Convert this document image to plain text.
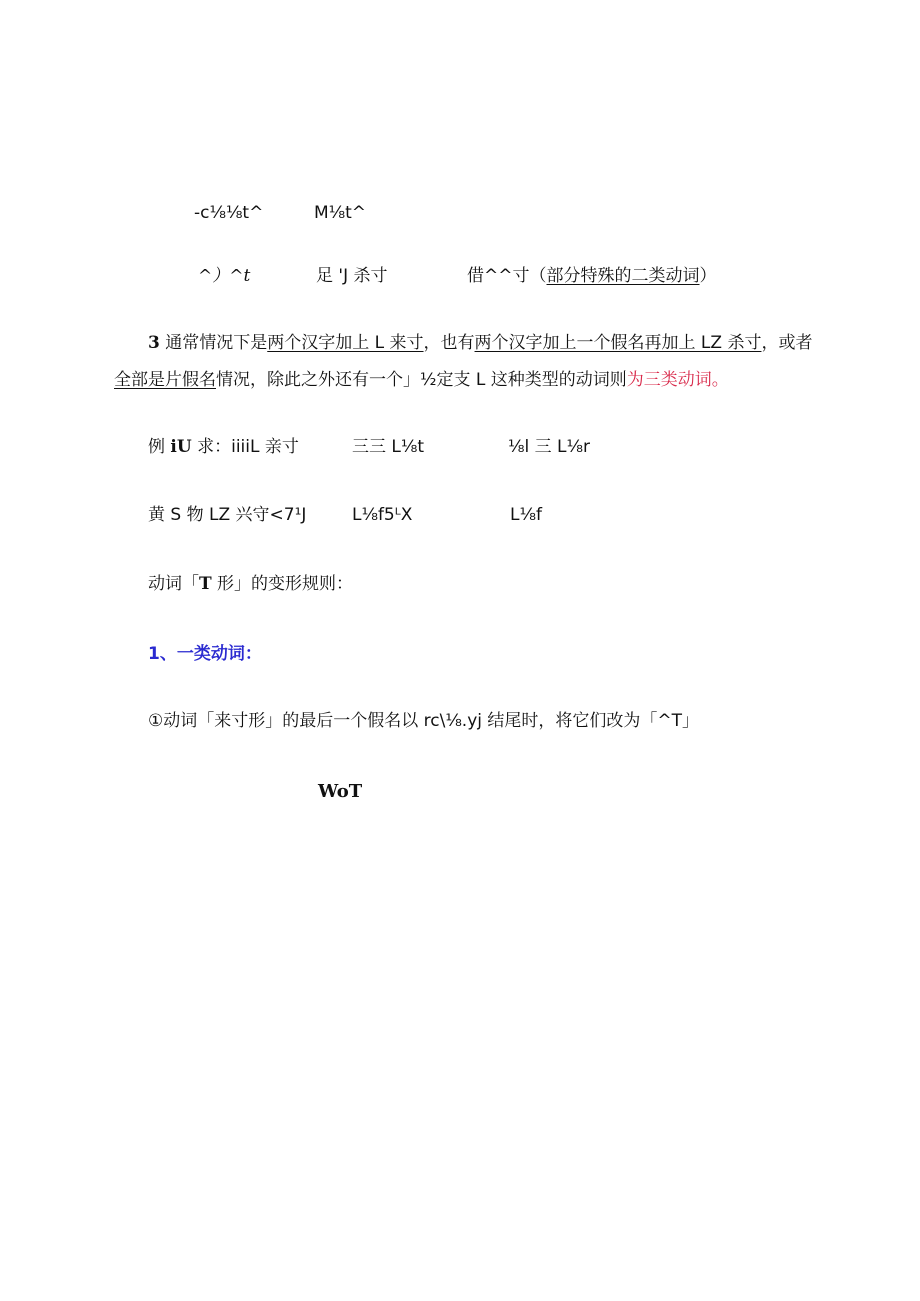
-c⅛⅛t^	M⅛t^
^）^t	足 'J 杀寸	借^^寸（部分特殊的二类动词）
3 通常情况下是两个汉字加上 L 来寸，也有两个汉字加上一个假名再加上 LZ 杀寸，或者
全部是片假名情况，除此之外还有一个」½定支 L 这种类型的动词则为三类动词。
例 iU 求：iiiiL 亲寸	三三 L⅛t	⅛l 三 L⅛r
黄 S 物 LZ 兴守<7¹J	L⅛f5ᴸX	L⅛f
动词「T 形」的变形规则：
1、一类动词：
①动词「来寸形」的最后一个假名以 rc\⅛.yj 结尾时，将它们改为「^T」
WoT
